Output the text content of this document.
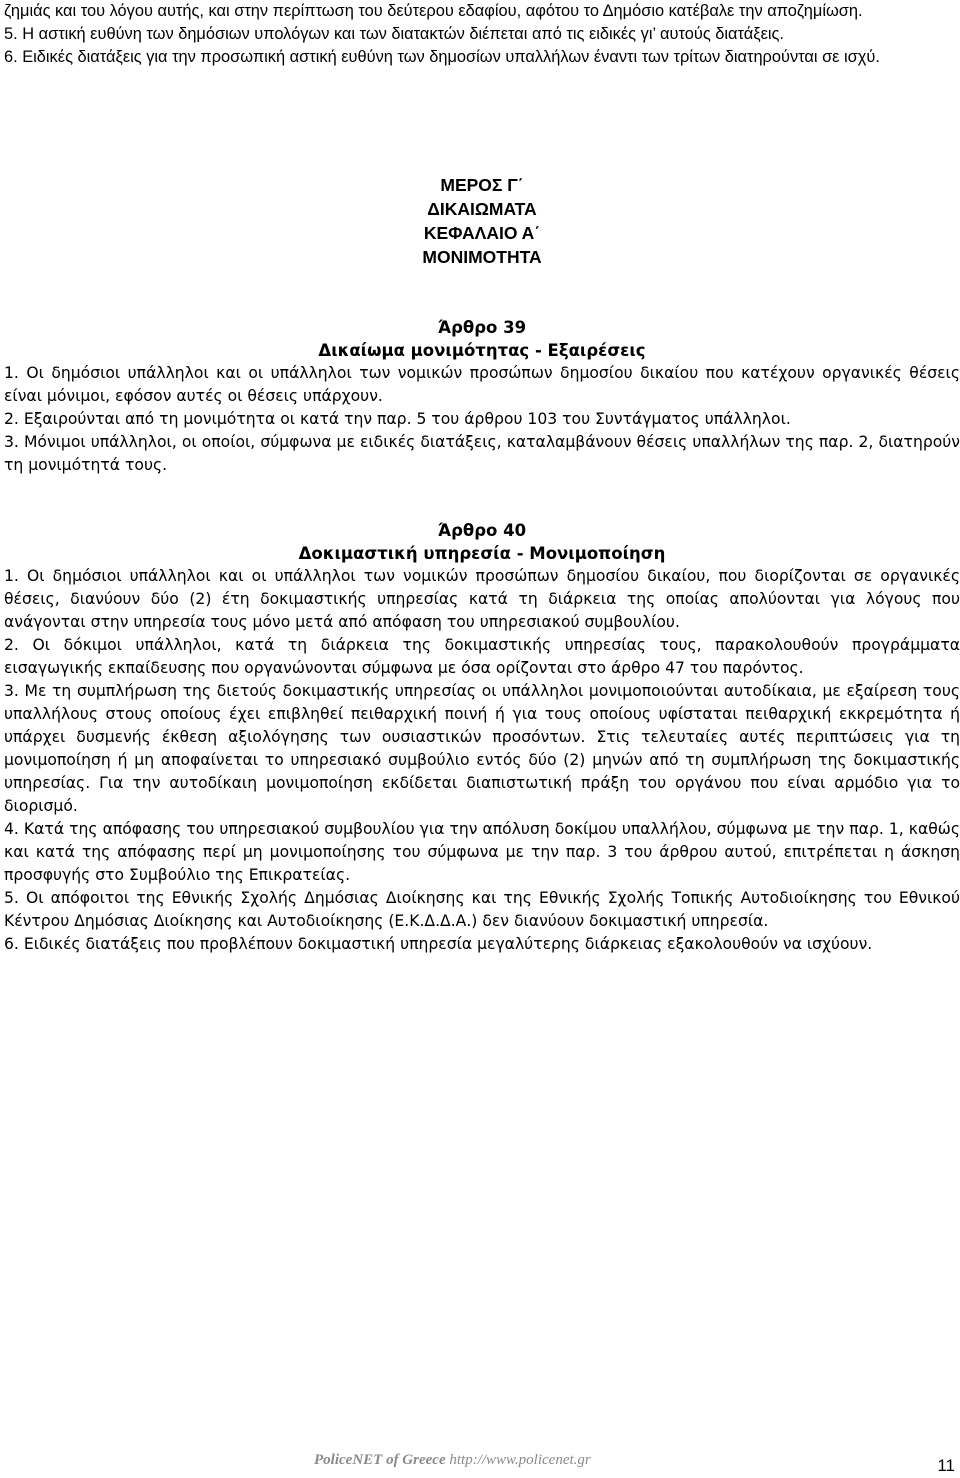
ζημιάς και του λόγου αυτής, και στην περίπτωση του δεύτερου εδαφίου, αφότου το Δημόσιο κατέβαλε την αποζημίωση.

5. Η αστική ευθύνη των δημόσιων υπολόγων και των διατακτών διέπεται από τις ειδικές γι’ αυτούς διατάξεις.

6. Ειδικές διατάξεις για την προσωπική αστική ευθύνη των δημοσίων υπαλλήλων έναντι των τρίτων διατηρούνται σε ισχύ.

ΜΕΡΟΣ Γ΄

ΔΙΚΑΙΩΜΑΤΑ

ΚΕΦΑΛΑΙΟ Α΄

ΜΟΝΙΜΟΤΗΤΑ

Άρθρο 39

Δικαίωμα μονιμότητας - Εξαιρέσεις

1. Οι δημόσιοι υπάλληλοι και οι υπάλληλοι των νομικών προσώπων δημοσίου δικαίου που κατέχουν οργανικές θέσεις είναι μόνιμοι, εφόσον αυτές οι θέσεις υπάρχουν.

2. Εξαιρούνται από τη μονιμότητα οι κατά την παρ. 5 του άρθρου 103 του Συντάγματος υπάλληλοι.

3. Μόνιμοι υπάλληλοι, οι οποίοι, σύμφωνα με ειδικές διατάξεις, καταλαμβάνουν θέσεις υπαλλήλων της παρ. 2, διατηρούν τη μονιμότητά τους.

Άρθρο 40

Δοκιμαστική υπηρεσία - Μονιμοποίηση

1. Οι δημόσιοι υπάλληλοι και οι υπάλληλοι των νομικών προσώπων δημοσίου δικαίου, που διορίζονται σε οργανικές θέσεις, διανύουν δύο (2) έτη δοκιμαστικής υπηρεσίας κατά τη διάρκεια της οποίας απολύονται για λόγους που ανάγονται στην υπηρεσία τους μόνο μετά από απόφαση του υπηρεσιακού συμβουλίου.

2. Οι δόκιμοι υπάλληλοι, κατά τη διάρκεια της δοκιμαστικής υπηρεσίας τους, παρακολουθούν προγράμματα εισαγωγικής εκπαίδευσης που οργανώνονται σύμφωνα με όσα ορίζονται στο άρθρο 47 του παρόντος.

3. Με τη συμπλήρωση της διετούς δοκιμαστικής υπηρεσίας οι υπάλληλοι μονιμοποιούνται αυτοδίκαια, με εξαίρεση τους υπαλλήλους στους οποίους έχει επιβληθεί πειθαρχική ποινή ή για τους οποίους υφίσταται πειθαρχική εκκρεμότητα ή υπάρχει δυσμενής έκθεση αξιολόγησης των ουσιαστικών προσόντων. Στις τελευταίες αυτές περιπτώσεις για τη μονιμοποίηση ή μη αποφαίνεται το υπηρεσιακό συμβούλιο εντός δύο (2) μηνών από τη συμπλήρωση της δοκιμαστικής υπηρεσίας. Για την αυτοδίκαιη μονιμοποίηση εκδίδεται διαπιστωτική πράξη του οργάνου που είναι αρμόδιο για το διορισμό.

4. Κατά της απόφασης του υπηρεσιακού συμβουλίου για την απόλυση δοκίμου υπαλλήλου, σύμφωνα με την παρ. 1, καθώς και κατά της απόφασης περί μη μονιμοποίησης του σύμφωνα με την παρ. 3 του άρθρου αυτού, επιτρέπεται η άσκηση προσφυγής στο Συμβούλιο της Επικρατείας.

5. Οι απόφοιτοι της Εθνικής Σχολής Δημόσιας Διοίκησης και της Εθνικής Σχολής Τοπικής Αυτοδιοίκησης του Εθνικού Κέντρου Δημόσιας Διοίκησης και Αυτοδιοίκησης (Ε.Κ.Δ.Δ.Α.) δεν διανύουν δοκιμαστική υπηρεσία.

6. Ειδικές διατάξεις που προβλέπουν δοκιμαστική υπηρεσία μεγαλύτερης διάρκειας εξακολουθούν να ισχύουν.

PoliceNET of Greece http://www.policenet.gr	11
